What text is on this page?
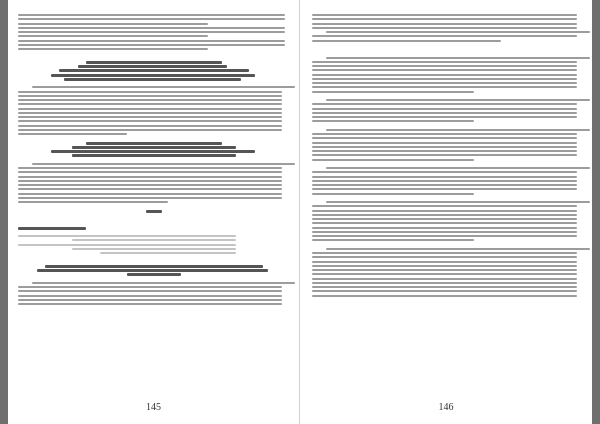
145	146
